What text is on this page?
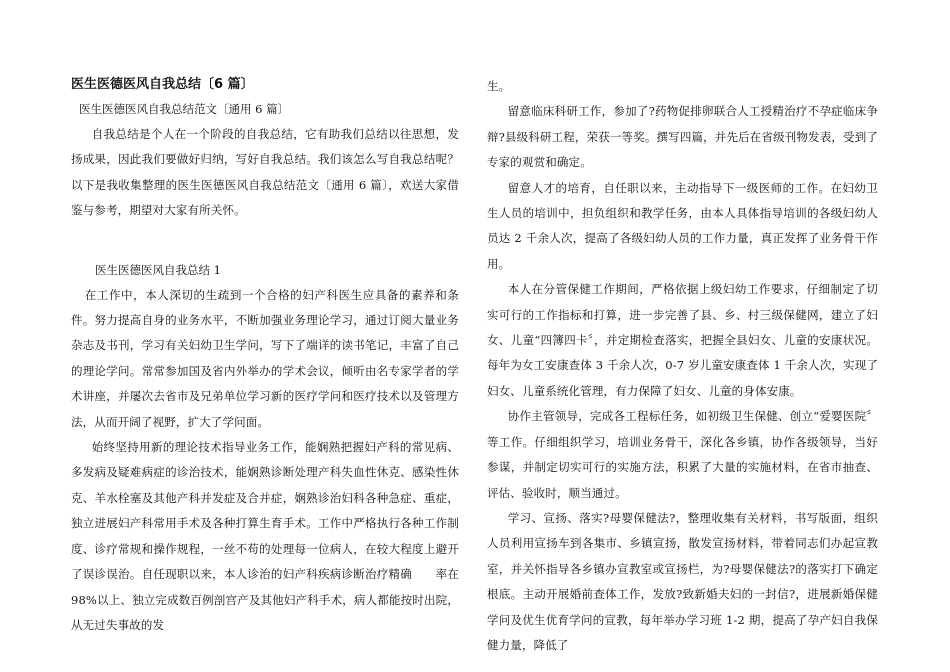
医生医德医风自我总结〔6 篇〕

医生医德医风自我总结范文〔通用 6 篇〕

自我总结是个人在一个阶段的自我总结，它有助我们总结以往思想，发扬成果，因此我们要做好归纳，写好自我总结。我们该怎么写自我总结呢？以下是我收集整理的医生医德医风自我总结范文〔通用 6 篇〕，欢送大家借鉴与参考，期望对大家有所关怀。

医生医德医风自我总结 1

在工作中，本人深切的生疏到一个合格的妇产科医生应具备的素养和条件。努力提高自身的业务水平，不断加强业务理论学习，通过订阅大量业务杂志及书刊，学习有关妇幼卫生学问，写下了端详的读书笔记，丰富了自己的理论学问。常常参加国及省内外举办的学术会议，倾听由名专家学者的学术讲座，并屡次去省市及兄弟单位学习新的医疗学问和医疗技术以及管理方法，从而开阔了视野，扩大了学问面。

始终坚持用新的理论技术指导业务工作，能娴熟把握妇产科的常见病、多发病及疑难病症的诊治技术，能娴熟诊断处理产科失血性休克、感染性休克、羊水栓塞及其他产科并发症及合并症，娴熟诊治妇科各种急症、重症，独立进展妇产科常用手术及各种打算生育手术。工作中严格执行各种工作制度、诊疗常规和操作规程，一丝不苟的处理每一位病人，在较大程度上避开了误诊误治。自任现职以来，本人诊治的妇产科疾病诊断治疗精确　　率在 98%以上、独立完成数百例剖宫产及其他妇产科手术，病人都能按时出院，从无过失事故的发

生。

留意临床科研工作，参加了?药物促排卵联合人工授精治疗不孕症临床争辩?县级科研工程，荣获一等奖。撰写四篇，并先后在省级刊物发表，受到了专家的观赏和确定。

留意人才的培育，自任职以来，主动指导下一级医师的工作。在妇幼卫生人员的培训中，担负组织和教学任务，由本人具体指导培训的各级妇幼人员达 2 千余人次，提高了各级妇幼人员的工作力量，真正发挥了业务骨干作用。

本人在分管保健工作期间，严格依据上级妇幼工作要求，仔细制定了切实可行的工作指标和打算，进一步完善了县、乡、村三级保健网，建立了妇女、儿童“四簿四卡〞，并定期检查落实，把握全县妇女、儿童的安康状况。每年为女工安康查体 3 千余人次，0-7 岁儿童安康查体 1 千余人次，实现了妇女、儿童系统化管理，有力保障了妇女、儿童的身体安康。

协作主管领导，完成各工程标任务，如初级卫生保健、创立“爱婴医院〞等工作。仔细组织学习，培训业务骨干，深化各乡镇，协作各级领导，当好参谋，并制定切实可行的实施方法，积累了大量的实施材料，在省市抽查、评估、验收时，顺当通过。

学习、宣扬、落实?母婴保健法?，整理收集有关材料，书写版面，组织人员利用宣扬车到各集市、乡镇宣扬，散发宣扬材料，带着同志们办起宣教室，并关怀指导各乡镇办宣教室或宣扬栏，为?母婴保健法?的落实打下确定根底。主动开展婚前查体工作，发放?致新婚夫妇的一封信?，进展新婚保健学问及优生优育学问的宣教，每年举办学习班 1-2 期，提高了孕产妇自我保健力量，降低了
